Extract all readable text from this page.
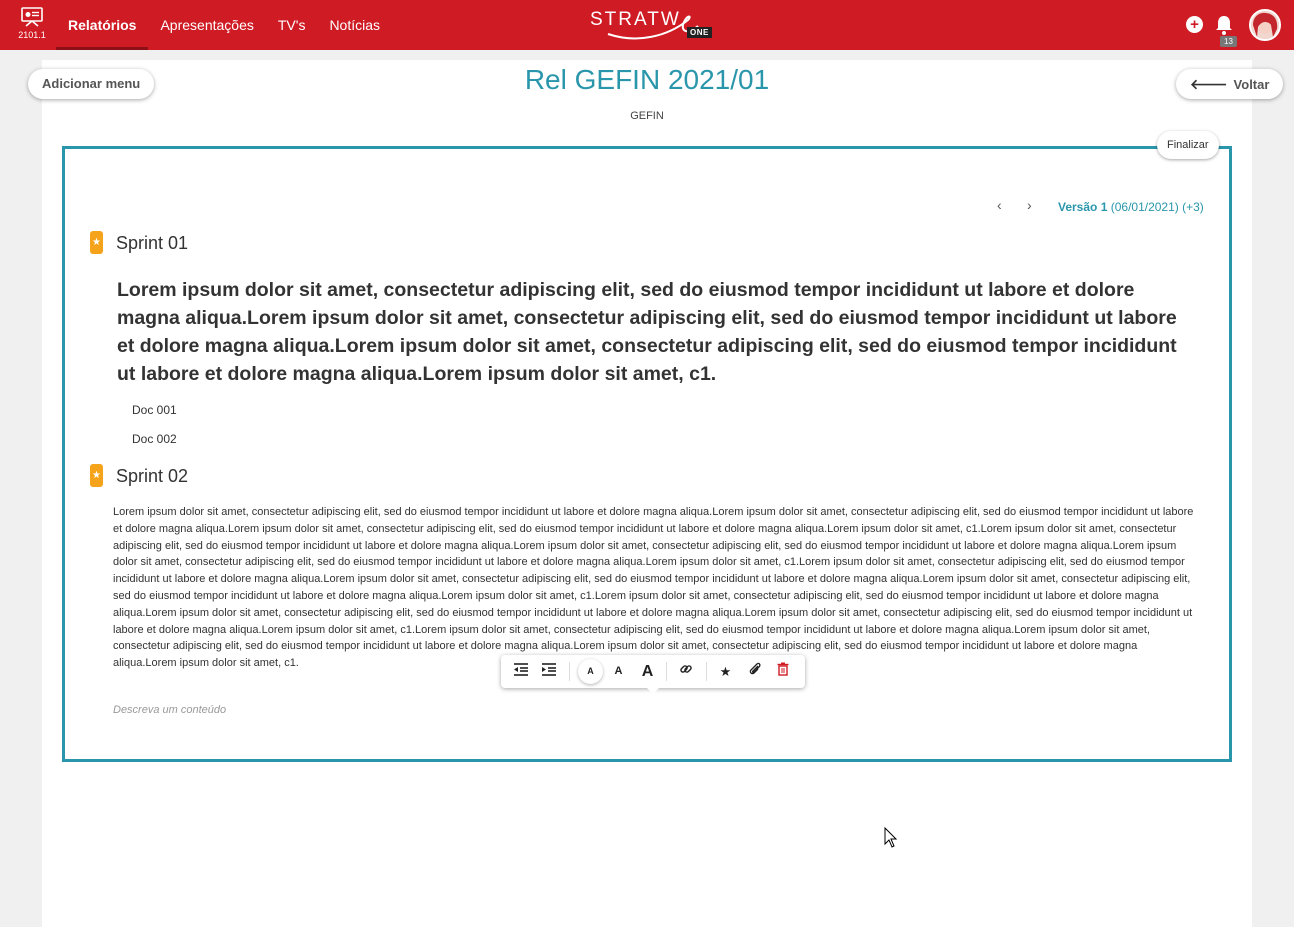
2101.1
Relatórios	Apresentações	TV's	Notícias	STRATW
ONE	+
13
Adicionar menu	🡐 Voltar
Rel GEFIN 2021/01
GEFIN
Finalizar
‹ › Versão 1 (06/01/2021) (+3)
★ Sprint 01
Lorem ipsum dolor sit amet, consectetur adipiscing elit, sed do eiusmod tempor incididunt ut labore et dolore magna aliqua.Lorem ipsum dolor sit amet, consectetur adipiscing elit, sed do eiusmod tempor incididunt ut labore et dolore magna aliqua.Lorem ipsum dolor sit amet, consectetur adipiscing elit, sed do eiusmod tempor incididunt ut labore et dolore magna aliqua.Lorem ipsum dolor sit amet, c1.
Doc 001
Doc 002
★ Sprint 02
Lorem ipsum dolor sit amet, consectetur adipiscing elit, sed do eiusmod tempor incididunt ut labore et dolore magna aliqua.Lorem ipsum dolor sit amet, consectetur adipiscing elit, sed do eiusmod tempor incididunt ut labore et dolore magna aliqua.Lorem ipsum dolor sit amet, consectetur adipiscing elit, sed do eiusmod tempor incididunt ut labore et dolore magna aliqua.Lorem ipsum dolor sit amet, c1.Lorem ipsum dolor sit amet, consectetur adipiscing elit, sed do eiusmod tempor incididunt ut labore et dolore magna aliqua.Lorem ipsum dolor sit amet, consectetur adipiscing elit, sed do eiusmod tempor incididunt ut labore et dolore magna aliqua.Lorem ipsum dolor sit amet, consectetur adipiscing elit, sed do eiusmod tempor incididunt ut labore et dolore magna aliqua.Lorem ipsum dolor sit amet, c1.Lorem ipsum dolor sit amet, consectetur adipiscing elit, sed do eiusmod tempor incididunt ut labore et dolore magna aliqua.Lorem ipsum dolor sit amet, consectetur adipiscing elit, sed do eiusmod tempor incididunt ut labore et dolore magna aliqua.Lorem ipsum dolor sit amet, consectetur adipiscing elit, sed do eiusmod tempor incididunt ut labore et dolore magna aliqua.Lorem ipsum dolor sit amet, c1.Lorem ipsum dolor sit amet, consectetur adipiscing elit, sed do eiusmod tempor incididunt ut labore et dolore magna aliqua.Lorem ipsum dolor sit amet, consectetur adipiscing elit, sed do eiusmod tempor incididunt ut labore et dolore magna aliqua.Lorem ipsum dolor sit amet, consectetur adipiscing elit, sed do eiusmod tempor incididunt ut labore et dolore magna aliqua.Lorem ipsum dolor sit amet, c1.Lorem ipsum dolor sit amet, consectetur adipiscing elit, sed do eiusmod tempor incididunt ut labore et dolore magna aliqua.Lorem ipsum dolor sit amet, consectetur adipiscing elit, sed do eiusmod tempor incididunt ut labore et dolore magna aliqua.Lorem ipsum dolor sit amet, consectetur adipiscing elit, sed do eiusmod tempor incididunt ut labore et dolore magna aliqua.Lorem ipsum dolor sit amet, c1.
Descreva um conteúdo
A	A	A	★
